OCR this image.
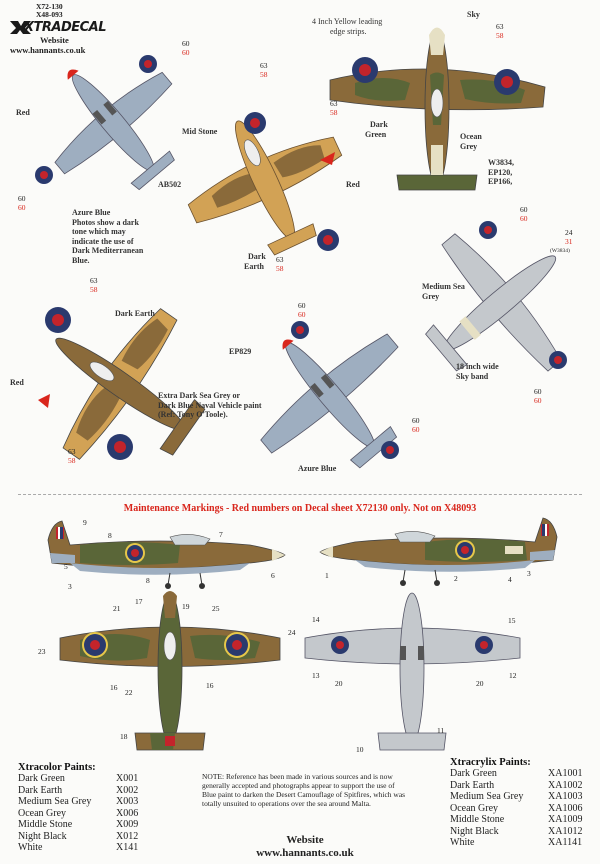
X72-130
X48-093
XTRADECAL
Website
www.hannants.co.uk
Red
60
60
60
60
AB502
Azure Blue
Photos show a dark
tone which may
indicate the use of
Dark Mediterranean
Blue.
Mid Stone
Red
Dark
Earth
63
58
63
58
4 Inch Yellow leading
edge strips.
Sky
63
58
63
58
Dark
Green	Ocean
Grey
W3834,
EP120,
EP166,
60
60
24
31
(W3834)
60
60
Medium Sea
Grey
18 inch wide
Sky band
63
58
63
58
Dark Earth
Red
Extra Dark Sea Grey or
Dark Blue Naval Vehicle paint
(Ref: Tony O'Toole).
60
60
60
60
EP829
Azure Blue
Maintenance Markings - Red numbers on Decal sheet X72130 only. Not on X48093
9
8	7
3
5
6
8	2
1	4
3
21
17
19	25
23
24
16
22
16
18
14	15
13
20	20
12
11
10
Xtracolor Paints:
Dark Green	X001
Dark Earth	X002
Medium Sea Grey	X003
Ocean Grey	X006
Middle Stone	X009
Night Black	X012
White	X141
NOTE: Reference has been made in various sources and is now generally accepted and photographs appear to support the use of Blue paint to darken the Desert Camouflage of Spitfires, which was totally unsuited to operations over the sea around Malta.
Xtracrylix Paints:
Dark Green	XA1001
Dark Earth	XA1002
Medium Sea Grey	XA1003
Ocean Grey	XA1006
Middle Stone	XA1009
Night Black	XA1012
White	XA1141
Website
www.hannants.co.uk
